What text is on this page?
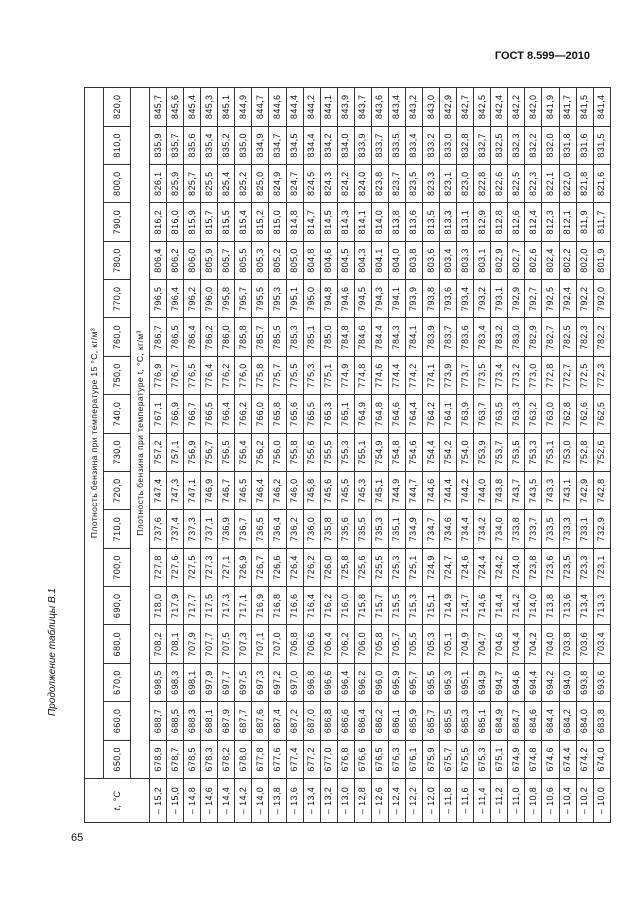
ГОСТ 8.599—2010
Продолжение таблицы В.1
t, °С	Плотность бензина при температуре 15 °С, кг/м³																	
	650,0	660,0	670,0	680,0	690,0	700,0	710,0	720,0	730,0	740,0	750,0	760,0	770,0	780,0	790,0	800,0	810,0	820,0
	Плотность бензина при температуре t, °С, кг/м³																	
– 15,2	678,9	688,7	698,5	708,2	718,0	727,8	737,6	747,4	757,2	767,1	776,9	786,7	796,5	806,4	816,2	826,1	835,9	845,7
– 15,0	678,7	688,5	698,3	708,1	717,9	727,6	737,4	747,3	757,1	766,9	776,7	786,5	796,4	806,2	816,0	825,9	835,7	845,6
– 14,8	678,5	688,3	698,1	707,9	717,7	727,5	737,3	747,1	756,9	766,7	776,5	786,4	796,2	806,0	815,9	825,7	835,6	845,4
– 14,6	678,3	688,1	697,9	707,7	717,5	727,3	737,1	746,9	756,7	766,5	776,4	786,2	796,0	805,9	815,7	825,5	835,4	845,3
– 14,4	678,2	687,9	697,7	707,5	717,3	727,1	736,9	746,7	756,5	766,4	776,2	786,0	795,8	805,7	815,5	825,4	835,2	845,1
– 14,2	678,0	687,7	697,5	707,3	717,1	726,9	736,7	746,5	756,4	766,2	776,0	785,8	795,7	805,5	815,4	825,2	835,0	844,9
– 14,0	677,8	687,6	697,3	707,1	716,9	726,7	736,5	746,4	756,2	766,0	775,8	785,7	795,5	805,3	815,2	825,0	834,9	844,7
– 13,8	677,6	687,4	697,2	707,0	716,8	726,6	736,4	746,2	756,0	765,8	775,7	785,5	795,3	805,2	815,0	824,9	834,7	844,6
– 13,6	677,4	687,2	697,0	706,8	716,6	726,4	736,2	746,0	755,8	765,6	775,5	785,3	795,1	805,0	814,8	824,7	834,5	844,4
– 13,4	677,2	687,0	696,8	706,6	716,4	726,2	736,0	745,8	755,6	765,5	775,3	785,1	795,0	804,8	814,7	824,5	834,4	844,2
– 13,2	677,0	686,8	696,6	706,4	716,2	726,0	735,8	745,6	755,5	765,3	775,1	785,0	794,8	804,6	814,5	824,3	834,2	844,1
– 13,0	676,8	686,6	696,4	706,2	716,0	725,8	735,6	745,5	755,3	765,1	774,9	784,8	794,6	804,5	814,3	824,2	834,0	843,9
– 12,8	676,6	686,4	696,2	706,0	715,8	725,6	735,5	745,3	755,1	764,9	774,8	784,6	794,5	804,3	814,1	824,0	833,9	843,7
– 12,6	676,5	686,2	696,0	705,8	715,7	725,5	735,3	745,1	754,9	764,8	774,6	784,4	794,3	804,1	814,0	823,8	833,7	843,6
– 12,4	676,3	686,1	695,9	705,7	715,5	725,3	735,1	744,9	754,8	764,6	774,4	784,3	794,1	804,0	813,8	823,7	833,5	843,4
– 12,2	676,1	685,9	695,7	705,5	715,3	725,1	734,9	744,7	754,6	764,4	774,2	784,1	793,9	803,8	813,6	823,5	833,4	843,2
– 12,0	675,9	685,7	695,5	705,3	715,1	724,9	734,7	744,6	754,4	764,2	774,1	783,9	793,8	803,6	813,5	823,3	833,2	843,0
– 11,8	675,7	685,5	695,3	705,1	714,9	724,7	734,6	744,4	754,2	764,1	773,9	783,7	793,6	803,4	813,3	823,1	833,0	842,9
– 11,6	675,5	685,3	695,1	704,9	714,7	724,6	734,4	744,2	754,0	763,9	773,7	783,6	793,4	803,3	813,1	823,0	832,8	842,7
– 11,4	675,3	685,1	694,9	704,7	714,6	724,4	734,2	744,0	753,9	763,7	773,5	783,4	793,2	803,1	812,9	822,8	832,7	842,5
– 11,2	675,1	684,9	694,7	704,6	714,4	724,2	734,0	743,8	753,7	763,5	773,4	783,2	793,1	802,9	812,8	822,6	832,5	842,4
– 11,0	674,9	684,7	694,6	704,4	714,2	724,0	733,8	743,7	753,5	763,3	773,2	783,0	792,9	802,7	812,6	822,5	832,3	842,2
– 10,8	674,8	684,6	694,4	704,2	714,0	723,8	733,7	743,5	753,3	763,2	773,0	782,9	792,7	802,6	812,4	822,3	832,2	842,0
– 10,6	674,6	684,4	694,2	704,0	713,8	723,6	733,5	743,3	753,1	763,0	772,8	782,7	792,5	802,4	812,3	822,1	832,0	841,9
– 10,4	674,4	684,2	694,0	703,8	713,6	723,5	733,3	743,1	753,0	762,8	772,7	782,5	792,4	802,2	812,1	822,0	831,8	841,7
– 10,2	674,2	684,0	693,8	703,6	713,4	723,3	733,1	742,9	752,8	762,6	772,5	782,3	792,2	802,0	811,9	821,8	831,6	841,5
– 10,0	674,0	683,8	693,6	703,4	713,3	723,1	732,9	742,8	752,6	762,5	772,3	782,2	792,0	801,9	811,7	821,6	831,5	841,4
65
